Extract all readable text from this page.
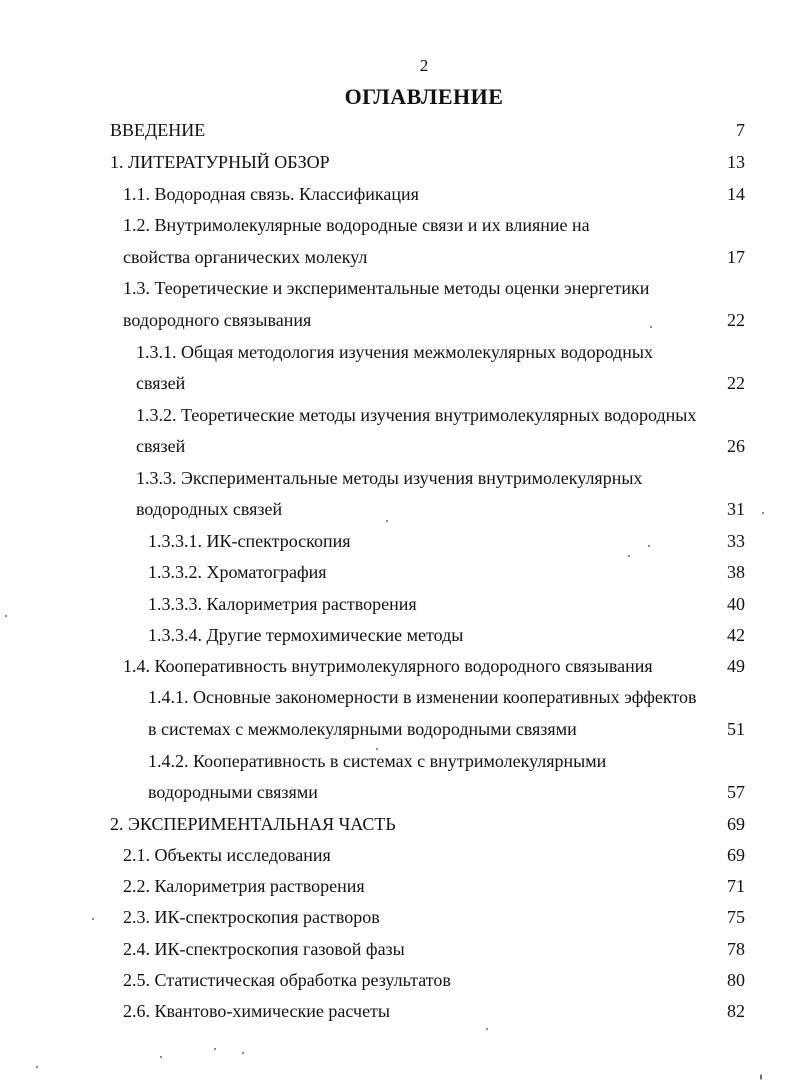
2
ОГЛАВЛЕНИЕ
ВВЕДЕНИЕ	7
1. ЛИТЕРАТУРНЫЙ ОБЗОР	13
1.1. Водородная связь. Классификация	14
1.2. Внутримолекулярные водородные связи и их влияние на
свойства органических молекул	17
1.3. Теоретические и экспериментальные методы оценки энергетики
водородного связывания	22
1.3.1. Общая методология изучения межмолекулярных водородных
связей	22
1.3.2. Теоретические методы изучения внутримолекулярных водородных
связей	26
1.3.3. Экспериментальные методы изучения внутримолекулярных
водородных связей	31
1.3.3.1. ИК-спектроскопия	33
1.3.3.2. Хроматография	38
1.3.3.3. Калориметрия растворения	40
1.3.3.4. Другие термохимические методы	42
1.4. Кооперативность внутримолекулярного водородного связывания	49
1.4.1. Основные закономерности в изменении кооперативных эффектов
в системах с межмолекулярными водородными связями	51
1.4.2. Кооперативность в системах с внутримолекулярными
водородными связями	57
2. ЭКСПЕРИМЕНТАЛЬНАЯ ЧАСТЬ	69
2.1. Объекты исследования	69
2.2. Калориметрия растворения	71
2.3. ИК-спектроскопия растворов	75
2.4. ИК-спектроскопия газовой фазы	78
2.5. Статистическая обработка результатов	80
2.6. Квантово-химические расчеты	82
